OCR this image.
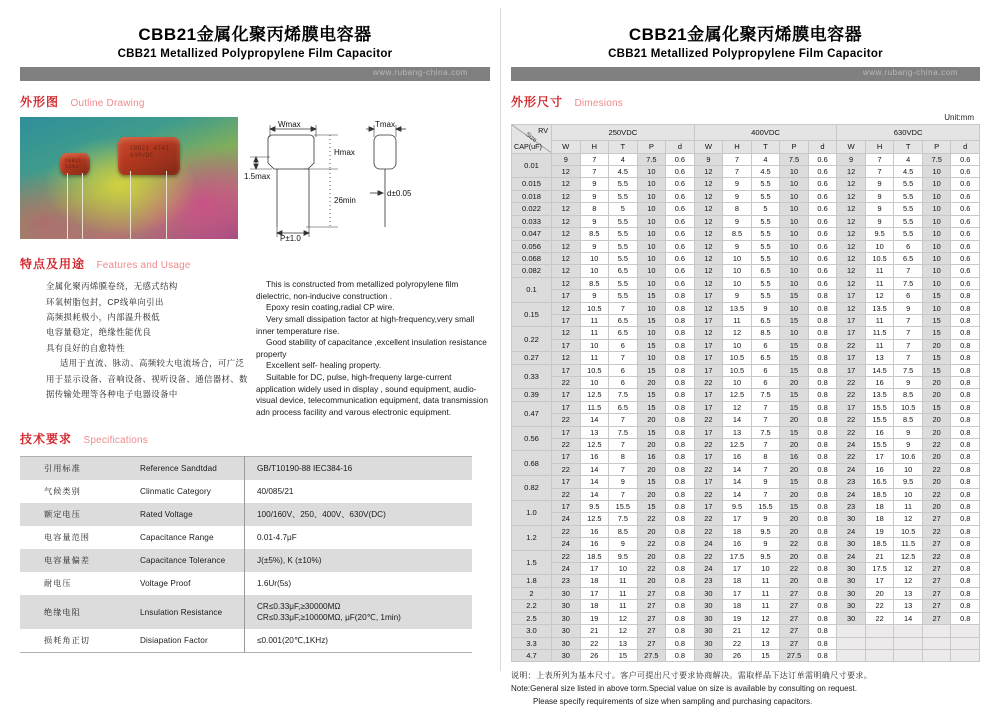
CBB21金属化聚丙烯膜电容器
CBB21 Metallized Polypropylene Film Capacitor
www.rubang-china.com
外形图 Outline Drawing
CBB21
104J
CBB21 474J
630VDC
Wmax
Hmax
26min
1.5max
P±1.0
Tmax
d±0.05
特点及用途 Features and Usage

全属化聚丙烯膜卷绕，无感式结构

环氧树脂包封，CP线单向引出

高频损耗极小，内部温升极低

电容量稳定，绝缘性能优良

具有良好的自愈特性

适用于直流、脉动、高频较大电流场合，可广泛用于显示设备、音响设备、视听设备、通信器材、数据传输处理等各种电子电器设备中

This is constructed from metallized polyropylene film dielectric, non-inducive construction .

Epoxy resin coating,radial CP wire.

Very small dissipation factor at high-frequency,very small inner temperature rise.

Good stability of capacitance ,excellent insulation resistance property

Excellent self- healing property.

Suitable for DC, pulse, high-frequeny large-current application widely used in display , sound equipment, audio-visual device, telecommunication equipment, data transmission adn process facility and varous electronic equipment.

技术要求 Specifications
引用标准	Reference Sandtdad	GB/T10190-88 IEC384-16

气候类别	Clinmatic Category	40/085/21

额定电压	Rated Voltage	100/160V、250、400V、630V(DC)

电容量范围	Capacitance Range	0.01-4.7μF

电容量偏差	Capacitance Tolerance	J(±5%), K (±10%)

耐电压	Voltage Proof	1.6Ur(5s)

绝缘电阻	Lnsulation Resistance	CR≤0.33μF,≥30000MΩ
CR≤0.33μF,≥10000MΩ, μF(20℃, 1min)

损耗角正切	Disiapation Factor	≤0.001(20℃,1KHz)
CBB21金属化聚丙烯膜电容器
CBB21 Metallized Polypropylene Film Capacitor
www.rubang-china.com
外形尺寸 Dimesions
Unit:mm
RV
Size
CAP(uF)	250VDC					400VDC					630VDC				
	W	H	T	P	d	W	H	T	P	d	W	H	T	P	d
0.01	9	7	4	7.5	0.6	9	7	4	7.5	0.6	9	7	4	7.5	0.6
	12	7	4.5	10	0.6	12	7	4.5	10	0.6	12	7	4.5	10	0.6
0.015	12	9	5.5	10	0.6	12	9	5.5	10	0.6	12	9	5.5	10	0.6
0.018	12	9	5.5	10	0.6	12	9	5.5	10	0.6	12	9	5.5	10	0.6
0.022	12	8	5	10	0.6	12	8	5	10	0.6	12	9	5.5	10	0.6
0.033	12	9	5.5	10	0.6	12	9	5.5	10	0.6	12	9	5.5	10	0.6
0.047	12	8.5	5.5	10	0.6	12	8.5	5.5	10	0.6	12	9.5	5.5	10	0.6
0.056	12	9	5.5	10	0.6	12	9	5.5	10	0.6	12	10	6	10	0.6
0.068	12	10	5.5	10	0.6	12	10	5.5	10	0.6	12	10.5	6.5	10	0.6
0.082	12	10	6.5	10	0.6	12	10	6.5	10	0.6	12	11	7	10	0.6
0.1	12	8.5	5.5	10	0.6	12	10	5.5	10	0.6	12	11	7.5	10	0.6
	17	9	5.5	15	0.8	17	9	5.5	15	0.8	17	12	6	15	0.8
0.15	12	10.5	7	10	0.8	12	13.5	9	10	0.8	12	13.5	9	10	0.8
	17	11	6.5	15	0.8	17	11	6.5	15	0.8	17	11	7	15	0.8
0.22	12	11	6.5	10	0.8	12	12	8.5	10	0.8	17	11.5	7	15	0.8
	17	10	6	15	0.8	17	10	6	15	0.8	22	11	7	20	0.8
0.27	12	11	7	10	0.8	17	10.5	6.5	15	0.8	17	13	7	15	0.8
0.33	17	10.5	6	15	0.8	17	10.5	6	15	0.8	17	14.5	7.5	15	0.8
	22	10	6	20	0.8	22	10	6	20	0.8	22	16	9	20	0.8
0.39	17	12.5	7.5	15	0.8	17	12.5	7.5	15	0.8	22	13.5	8.5	20	0.8
0.47	17	11.5	6.5	15	0.8	17	12	7	15	0.8	17	15.5	10.5	15	0.8
	22	14	7	20	0.8	22	14	7	20	0.8	22	15.5	8.5	20	0.8
0.56	17	13	7.5	15	0.8	17	13	7.5	15	0.8	22	16	9	20	0.8
	22	12.5	7	20	0.8	22	12.5	7	20	0.8	24	15.5	9	22	0.8
0.68	17	16	8	16	0.8	17	16	8	16	0.8	22	17	10.6	20	0.8
	22	14	7	20	0.8	22	14	7	20	0.8	24	16	10	22	0.8
0.82	17	14	9	15	0.8	17	14	9	15	0.8	23	16.5	9.5	20	0.8
	22	14	7	20	0.8	22	14	7	20	0.8	24	18.5	10	22	0.8
1.0	17	9.5	15.5	15	0.8	17	9.5	15.5	15	0.8	23	18	11	20	0.8
	24	12.5	7.5	22	0.8	22	17	9	20	0.8	30	18	12	27	0.8
1.2	22	16	8.5	20	0.8	22	18	9.5	20	0.8	24	19	10.5	22	0.8
	24	16	9	22	0.8	24	16	9	22	0.8	30	18.5	11.5	27	0.8
1.5	22	18.5	9.5	20	0.8	22	17.5	9.5	20	0.8	24	21	12.5	22	0.8
	24	17	10	22	0.8	24	17	10	22	0.8	30	17.5	12	27	0.8
1.8	23	18	11	20	0.8	23	18	11	20	0.8	30	17	12	27	0.8
2	30	17	11	27	0.8	30	17	11	27	0.8	30	20	13	27	0.8
2.2	30	18	11	27	0.8	30	18	11	27	0.8	30	22	13	27	0.8
2.5	30	19	12	27	0.8	30	19	12	27	0.8	30	22	14	27	0.8
3.0	30	21	12	27	0.8	30	21	12	27	0.8					
3.3	30	22	13	27	0.8	30	22	13	27	0.8					
4.7	30	26	15	27.5	0.8	30	26	15	27.5	0.8					
说明：上表所列为基本尺寸。客户可提出尺寸要求协商解决。需取样品下达订单需明确尺寸要求。
Note:General size listed in above torm.Special value on size is available by consulting on request.
Please specify requirements of size when sampling and purchasing capacitors.
